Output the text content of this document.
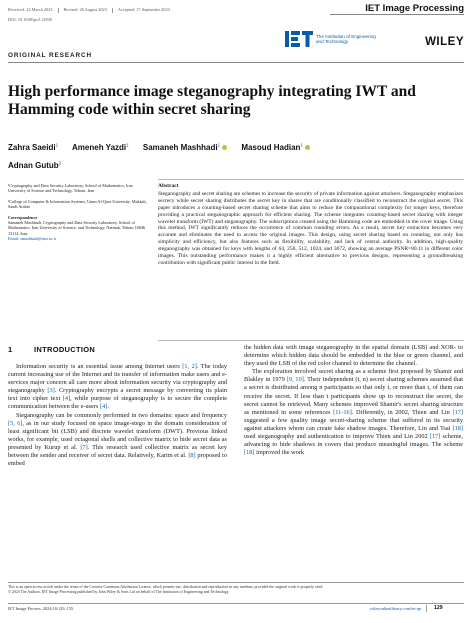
Received: 22 March 2023	Revised: 26 August 2023	Accepted: 17 September 2023
DOI: 10.1049/ipr2.12938
IET Image Processing
The Institution of Engineering and Technology	WILEY
ORIGINAL RESEARCH
High performance image steganography integrating IWT and Hamming code within secret sharing
Zahra Saeidi$^1$ Ameneh Yazdi$^1$ Samaneh Mashhadi$^1$	Masoud Hadian$^1$
Adnan Gutub$^2$

¹Cryptography and Data Security Laboratory, School of Mathematics, Iran University of Science and Technology, Tehran, Iran

²College of Computer & Information Systems, Umm Al-Qura University, Makkah, Saudi Arabia

Correspondence

Samaneh Mashhadi, Cryptography and Data Security Laboratory, School of Mathematics, Iran University of Science, and Technology, Narmak, Tehran 16846 13114, Iran.

Email: smashhadi@iust.ac.ir

Abstract
Steganography and secret sharing are schemes to increase the security of private information against attackers. Steganography emphasizes secrecy while secret sharing distributes the secret key in shares that are conditionally classified to reconstruct the original secret. This paper introduces a counting-based secret sharing scheme that aims to reduce the computational complexity for longer keys, therefore providing a practical steganographic approach for efficient sharing. The scheme integrates counting-based secret sharing with integer wavelet transform (IWT) and steganography. The subscriptions created using the Hamming code are embedded in the cover image. Using this method, IWT significantly reduces the occurrence of common rounding errors. As a result, secret key extraction becomes very accurate and eliminates the need to access the original images. This design, using secret sharing based on counting, not only has simplicity and efficiency, but also features such as flexibility, scalability, and lack of central authority. In addition, high-quality steganography was obtained for keys with lengths of 64, 256, 512, 1024, and 3072, showing an average PSNR=80.11 in different color images. This outstanding performance makes it a highly efficient alternative to previous designs, representing a groundbreaking contribution with significant public interest in the field.
1	INTRODUCTION

Information security is an essential issue among Internet users [1, 2]. The today current increasing use of the Internet and its transfer of information make users and e-services major concern all care more about information security via cryptography and steganography [3]. Cryptography encrypts a secret message by converting its plain text into cipher text [4], while purpose of steganography is to secure the complete communication between the e-users [4].

Steganography can be commonly performed in two domains: space and frequency [5, 6], as in our study focused on space image-stego in the domain consideration of least significant bit (LSB) and discrete wavelet transform (DWT). Previous linked works, for example, used octagonal shells and collective matrix to hide secret data as presented by Kurup et al. [7]. This research used collective matrix as secret key between the sender and receiver of secret data. Relatively, Karim et al. [8] proposed to embed

the hidden data with image steganography in the spatial domain (LSB) and XOR- to determine which hidden data should be embedded in the blue or green channel, and they used the LSB of the red color channel to determine the channel.

The exploration involved secret sharing as a scheme first proposed by Shamir and Blakley in 1979 [9, 10]. Their independent (t, n) secret sharing schemes assumed that a secret is distributed among n participants so that only t, or more than t, of them can receive the secret. If less than t participants show up to reconstruct the secret, the secret cannot be retrieved. Many schemes improved Shamir's secret sharing structure as mentioned in some references [11-16]. Differently, in 2002, Thien and Lin [17] suggested a few quality image secret-sharing scheme that suffered in its security against attackers whom can create fake shadow images. Therefore, Lin and Tsai [18] used steganography and authentication to improve Thien and Lin 2002 [17] scheme, advancing to hide shadows in covers that produce meaningful images. The scheme [18] improved the work

This is an open access article under the terms of the Creative Commons Attribution License, which permits use, distribution and reproduction in any medium, provided the original work is properly cited.
© 2023 The Authors. IET Image Processing published by John Wiley & Sons Ltd on behalf of The Institution of Engineering and Technology.
IET Image Process. 2024;18:129–135.	wileyonlinelibrary.com/iet-ipr 129
